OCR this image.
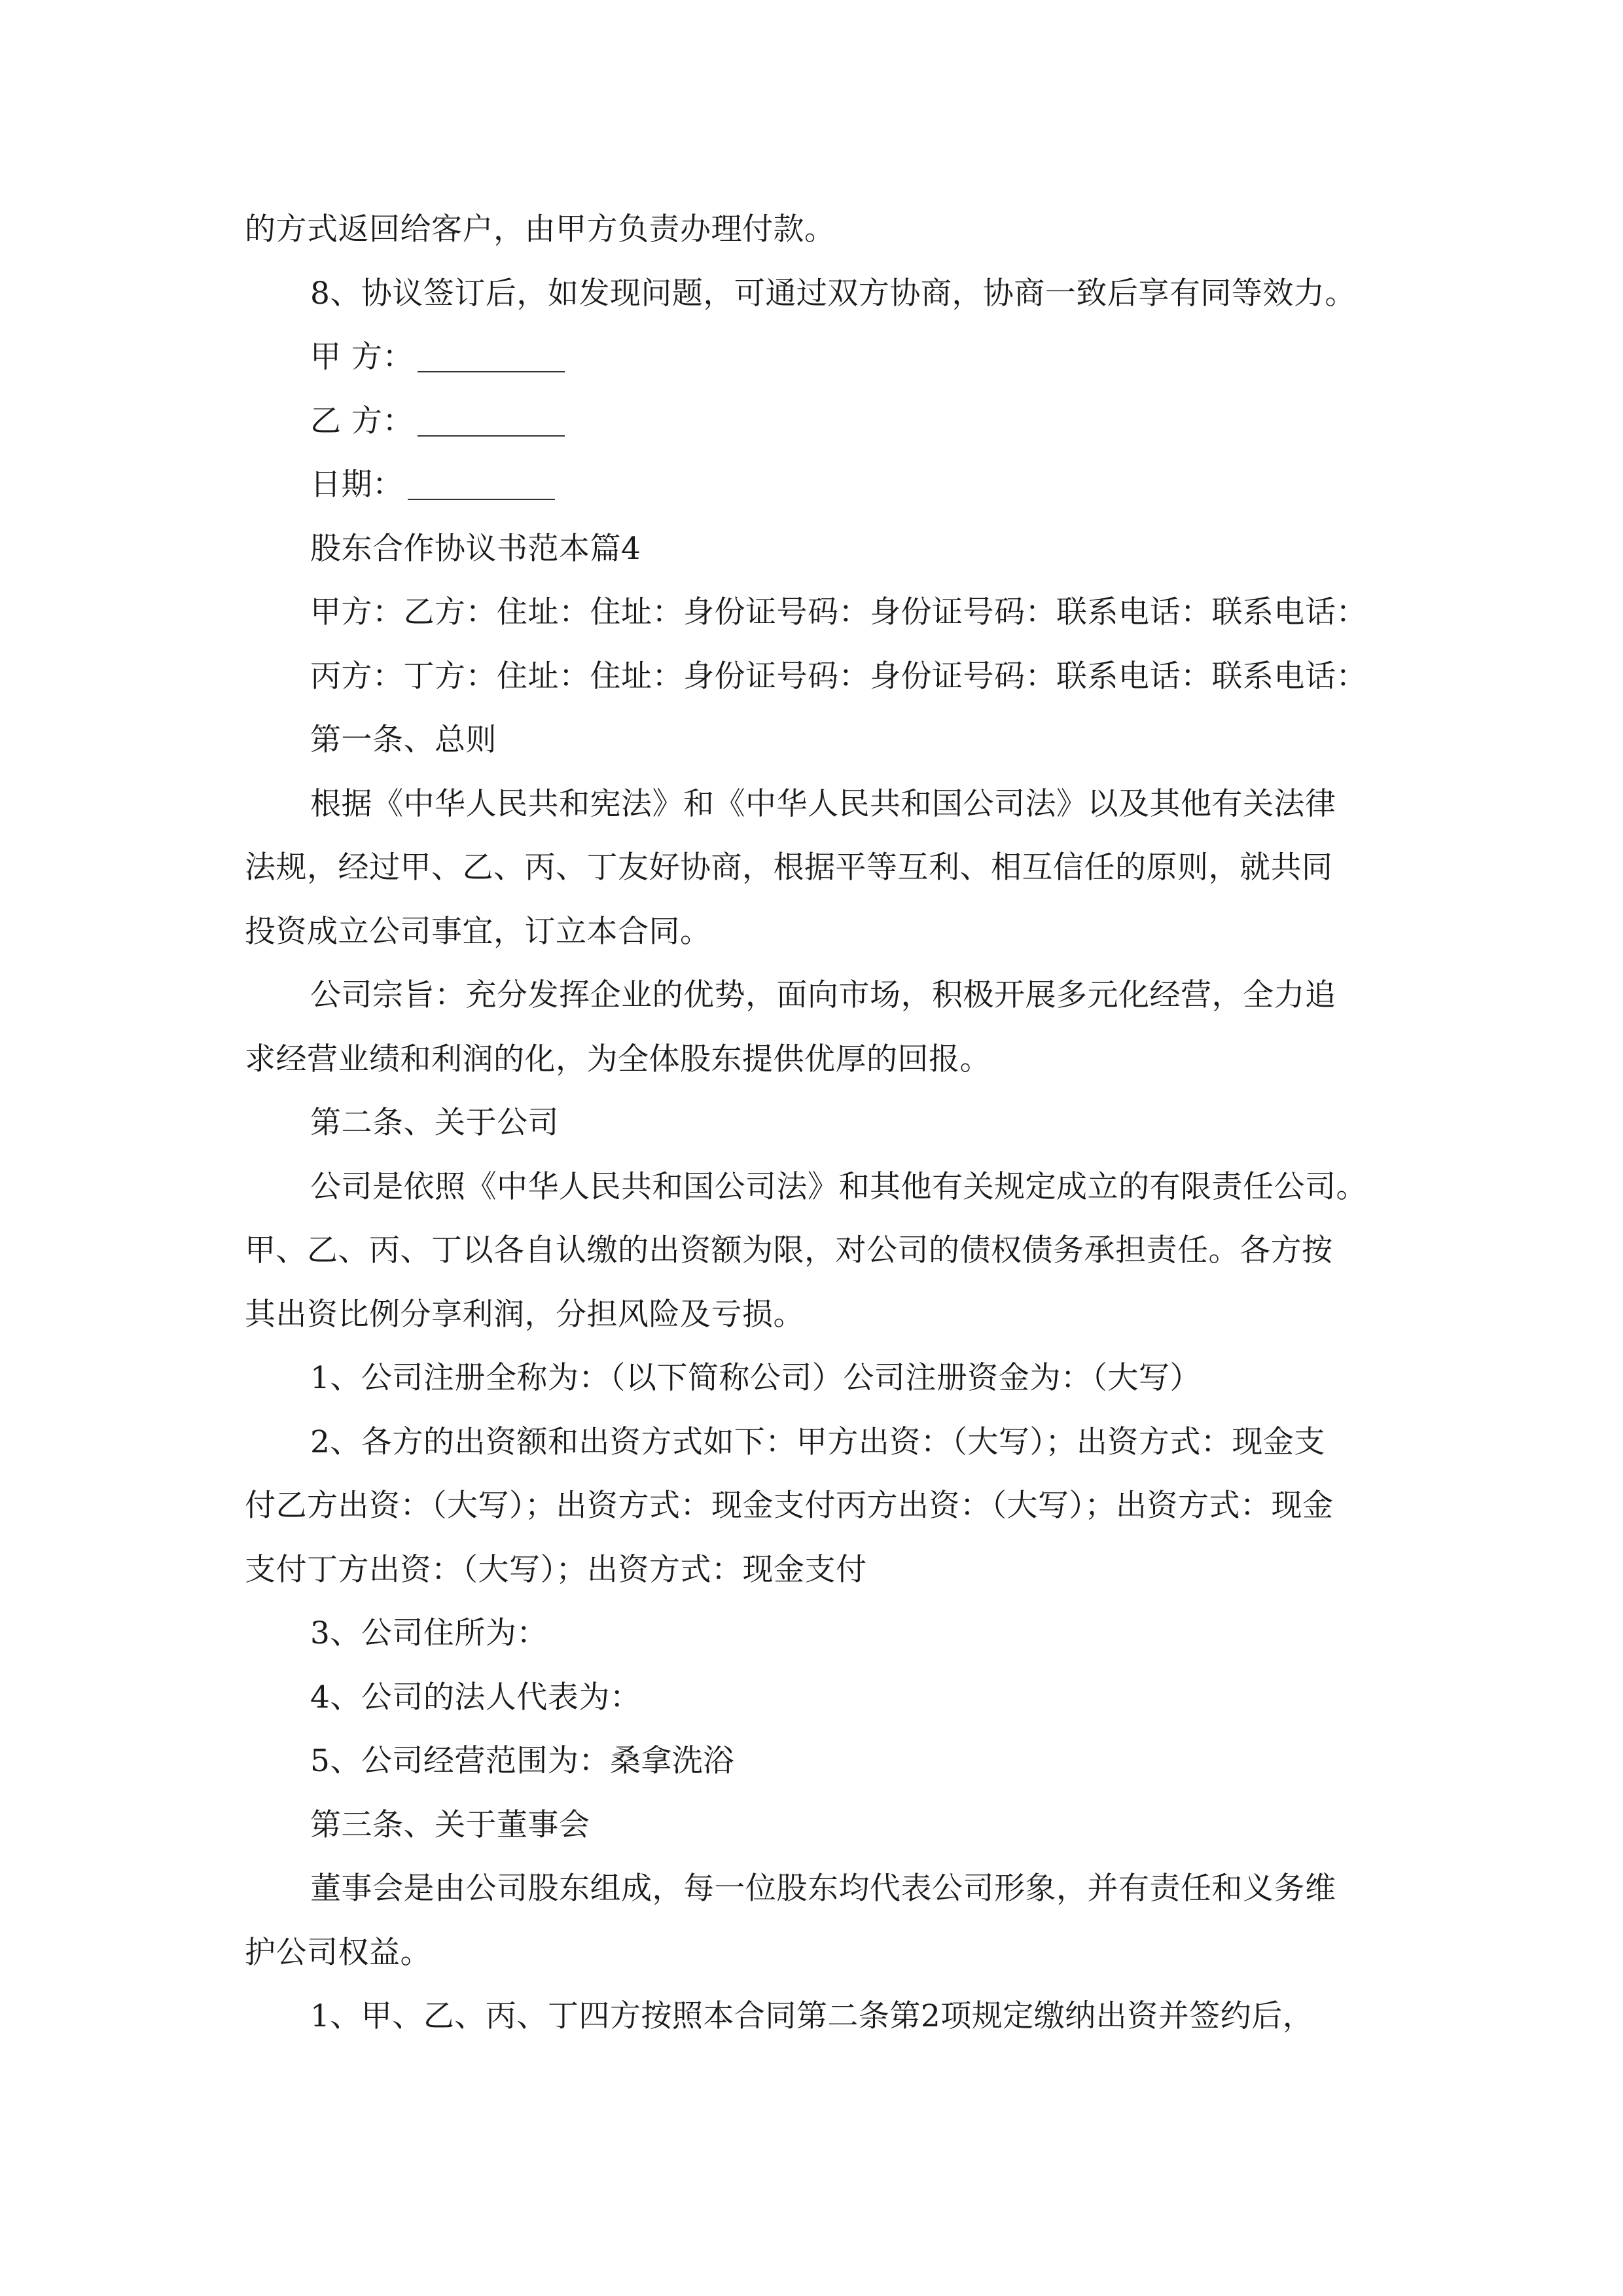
的方式返回给客户，由甲方负责办理付款。

8、协议签订后，如发现问题，可通过双方协商，协商一致后享有同等效力。

甲 方：

乙 方：

日期：

股东合作协议书范本篇4

甲方：乙方：住址：住址：身份证号码：身份证号码：联系电话：联系电话：

丙方：丁方：住址：住址：身份证号码：身份证号码：联系电话：联系电话：

第一条、总则

根据《中华人民共和宪法》和《中华人民共和国公司法》以及其他有关法律

法规，经过甲、乙、丙、丁友好协商，根据平等互利、相互信任的原则，就共同

投资成立公司事宜，订立本合同。

公司宗旨：充分发挥企业的优势，面向市场，积极开展多元化经营，全力追

求经营业绩和利润的化，为全体股东提供优厚的回报。

第二条、关于公司

公司是依照《中华人民共和国公司法》和其他有关规定成立的有限责任公司。

甲、乙、丙、丁以各自认缴的出资额为限，对公司的债权债务承担责任。各方按

其出资比例分享利润，分担风险及亏损。

1、公司注册全称为：（以下简称公司）公司注册资金为：（大写）

2、各方的出资额和出资方式如下：甲方出资：（大写）；出资方式：现金支

付乙方出资：（大写）；出资方式：现金支付丙方出资：（大写）；出资方式：现金

支付丁方出资：（大写）；出资方式：现金支付

3、公司住所为：

4、公司的法人代表为：

5、公司经营范围为：桑拿洗浴

第三条、关于董事会

董事会是由公司股东组成，每一位股东均代表公司形象，并有责任和义务维

护公司权益。

1、甲、乙、丙、丁四方按照本合同第二条第2项规定缴纳出资并签约后，
